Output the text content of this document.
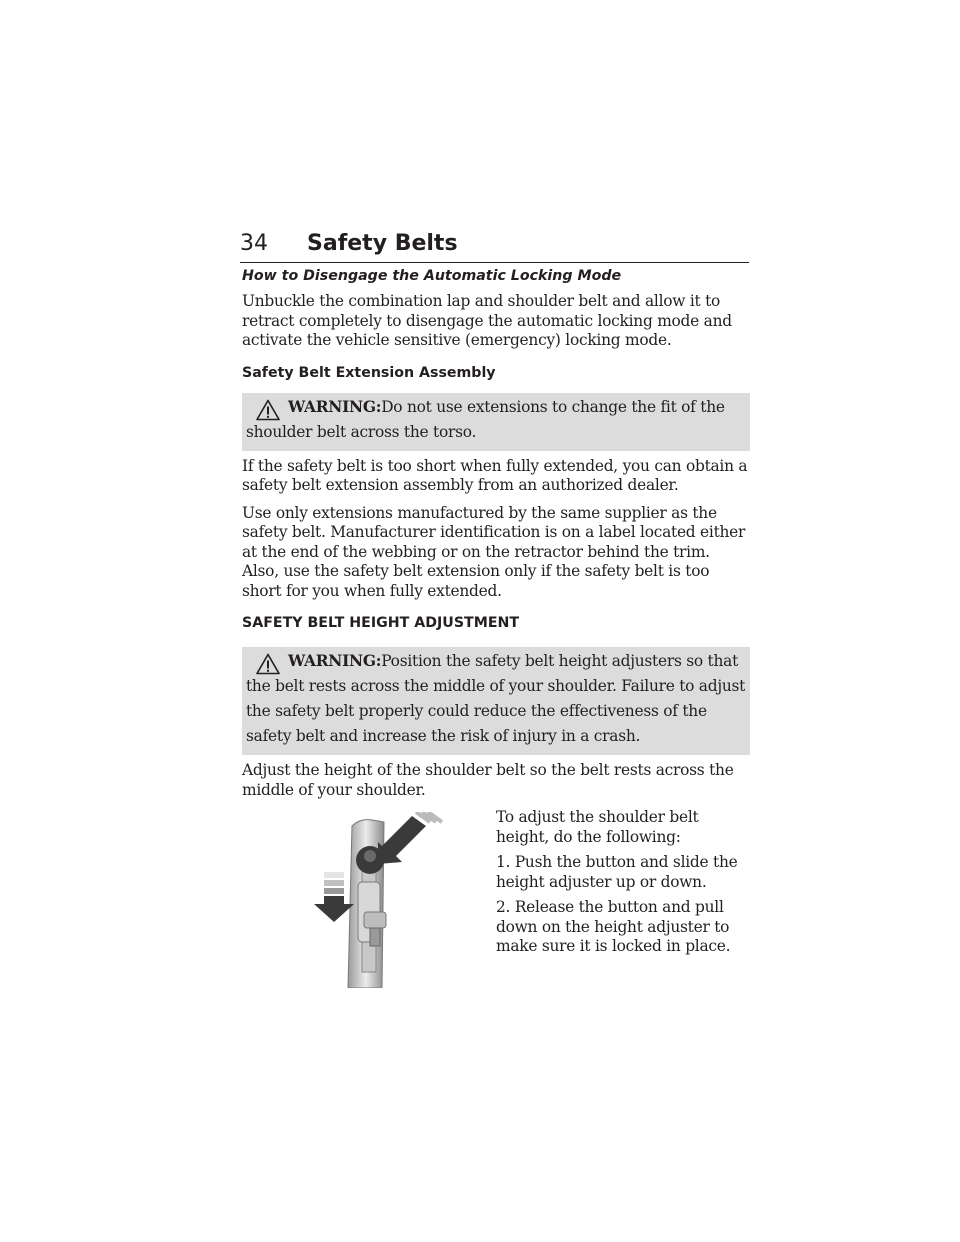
34 Safety Belts
How to Disengage the Automatic Locking Mode

Unbuckle the combination lap and shoulder belt and allow it to retract completely to disengage the automatic locking mode and activate the vehicle sensitive (emergency) locking mode.

Safety Belt Extension Assembly

WARNING:Do not use extensions to change the fit of the shoulder belt across the torso.

If the safety belt is too short when fully extended, you can obtain a safety belt extension assembly from an authorized dealer.

Use only extensions manufactured by the same supplier as the safety belt. Manufacturer identification is on a label located either at the end of the webbing or on the retractor behind the trim. Also, use the safety belt extension only if the safety belt is too short for you when fully extended.

SAFETY BELT HEIGHT ADJUSTMENT

WARNING:Position the safety belt height adjusters so that the belt rests across the middle of your shoulder. Failure to adjust the safety belt properly could reduce the effectiveness of the safety belt and increase the risk of injury in a crash.

Adjust the height of the shoulder belt so the belt rests across the middle of your shoulder.

To adjust the shoulder belt height, do the following:

1. Push the button and slide the height adjuster up or down.

2. Release the button and pull down on the height adjuster to make sure it is locked in place.
